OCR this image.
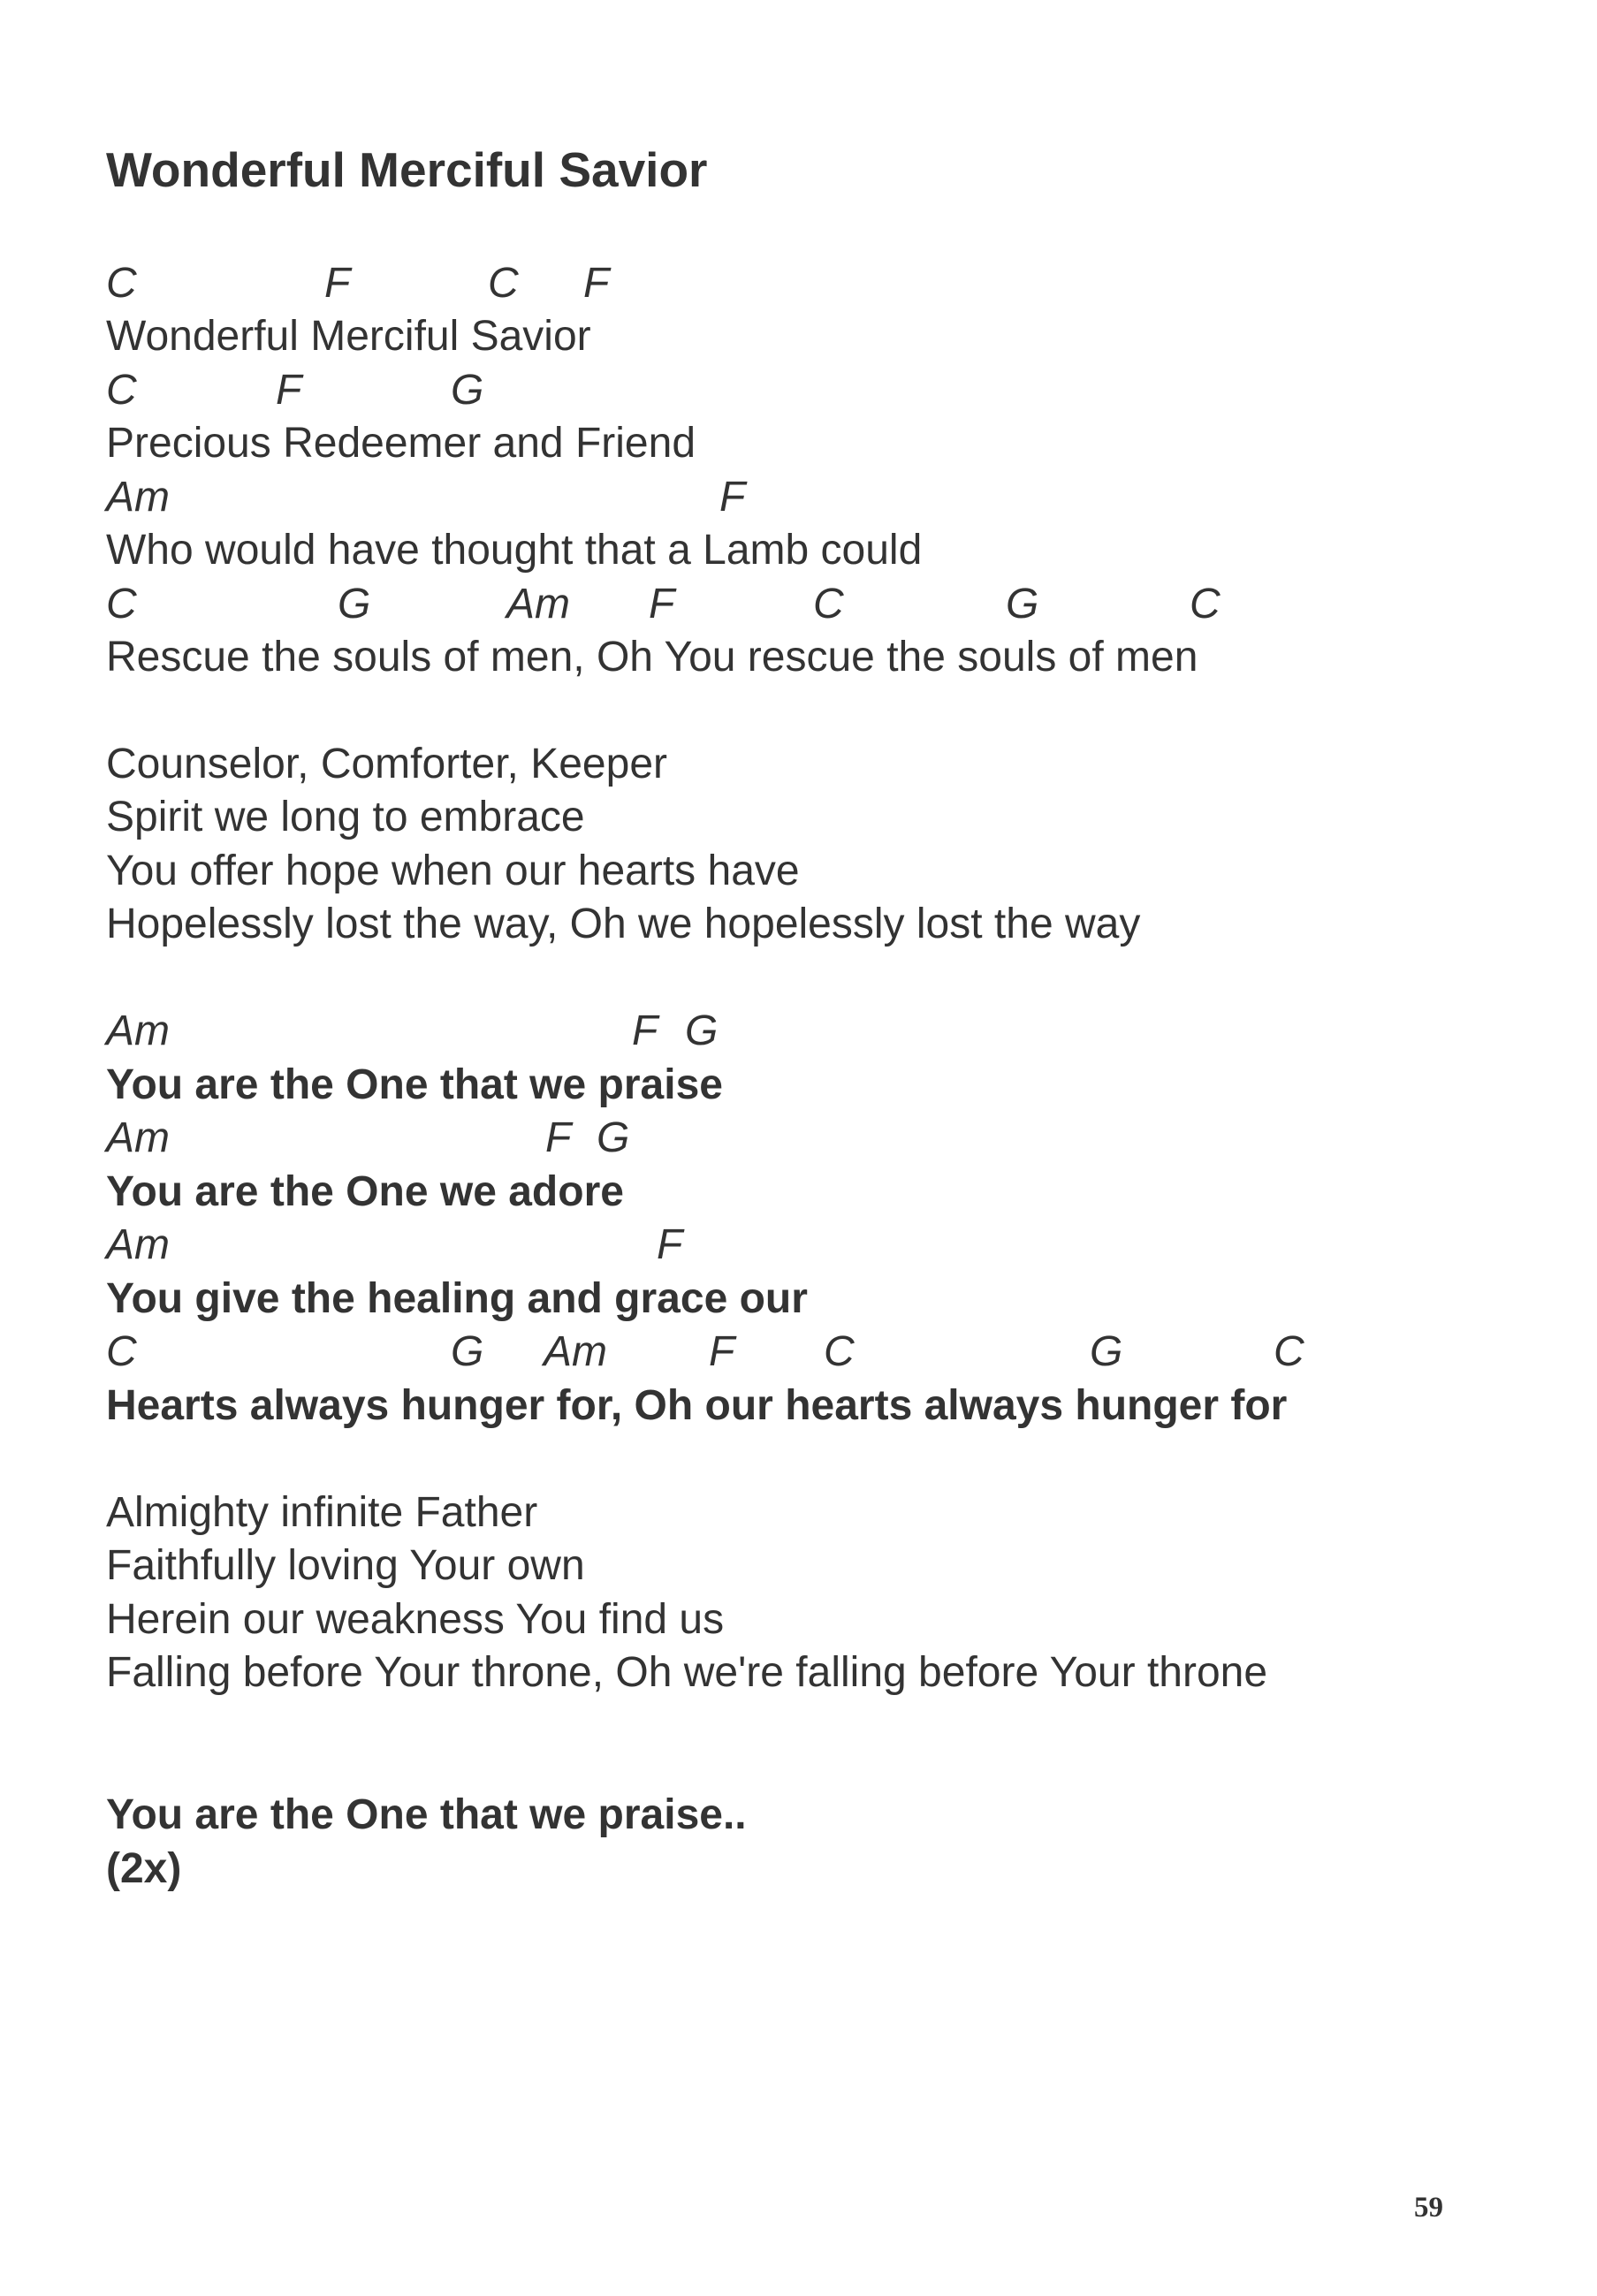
Wonderful Merciful Savior
C	F	C F
Wonderful Merciful Savior
C	F	G
Precious Redeemer and Friend
Am	F
Who would have thought that a Lamb could
C	G	Am F	C	G	C
Rescue the souls of men, Oh You rescue the souls of men
Counselor, Comforter, Keeper
Spirit we long to embrace
You offer hope when our hearts have
Hopelessly lost the way, Oh we hopelessly lost the way
Am	F G
You are the One that we praise
Am	F G
You are the One we adore
Am	F
You give the healing and grace our
C	G Am F C	G	C
Hearts always hunger for, Oh our hearts always hunger for
Almighty infinite Father
Faithfully loving Your own
Herein our weakness You find us
Falling before Your throne, Oh we're falling before Your throne
You are the One that we praise..
(2x)
59
